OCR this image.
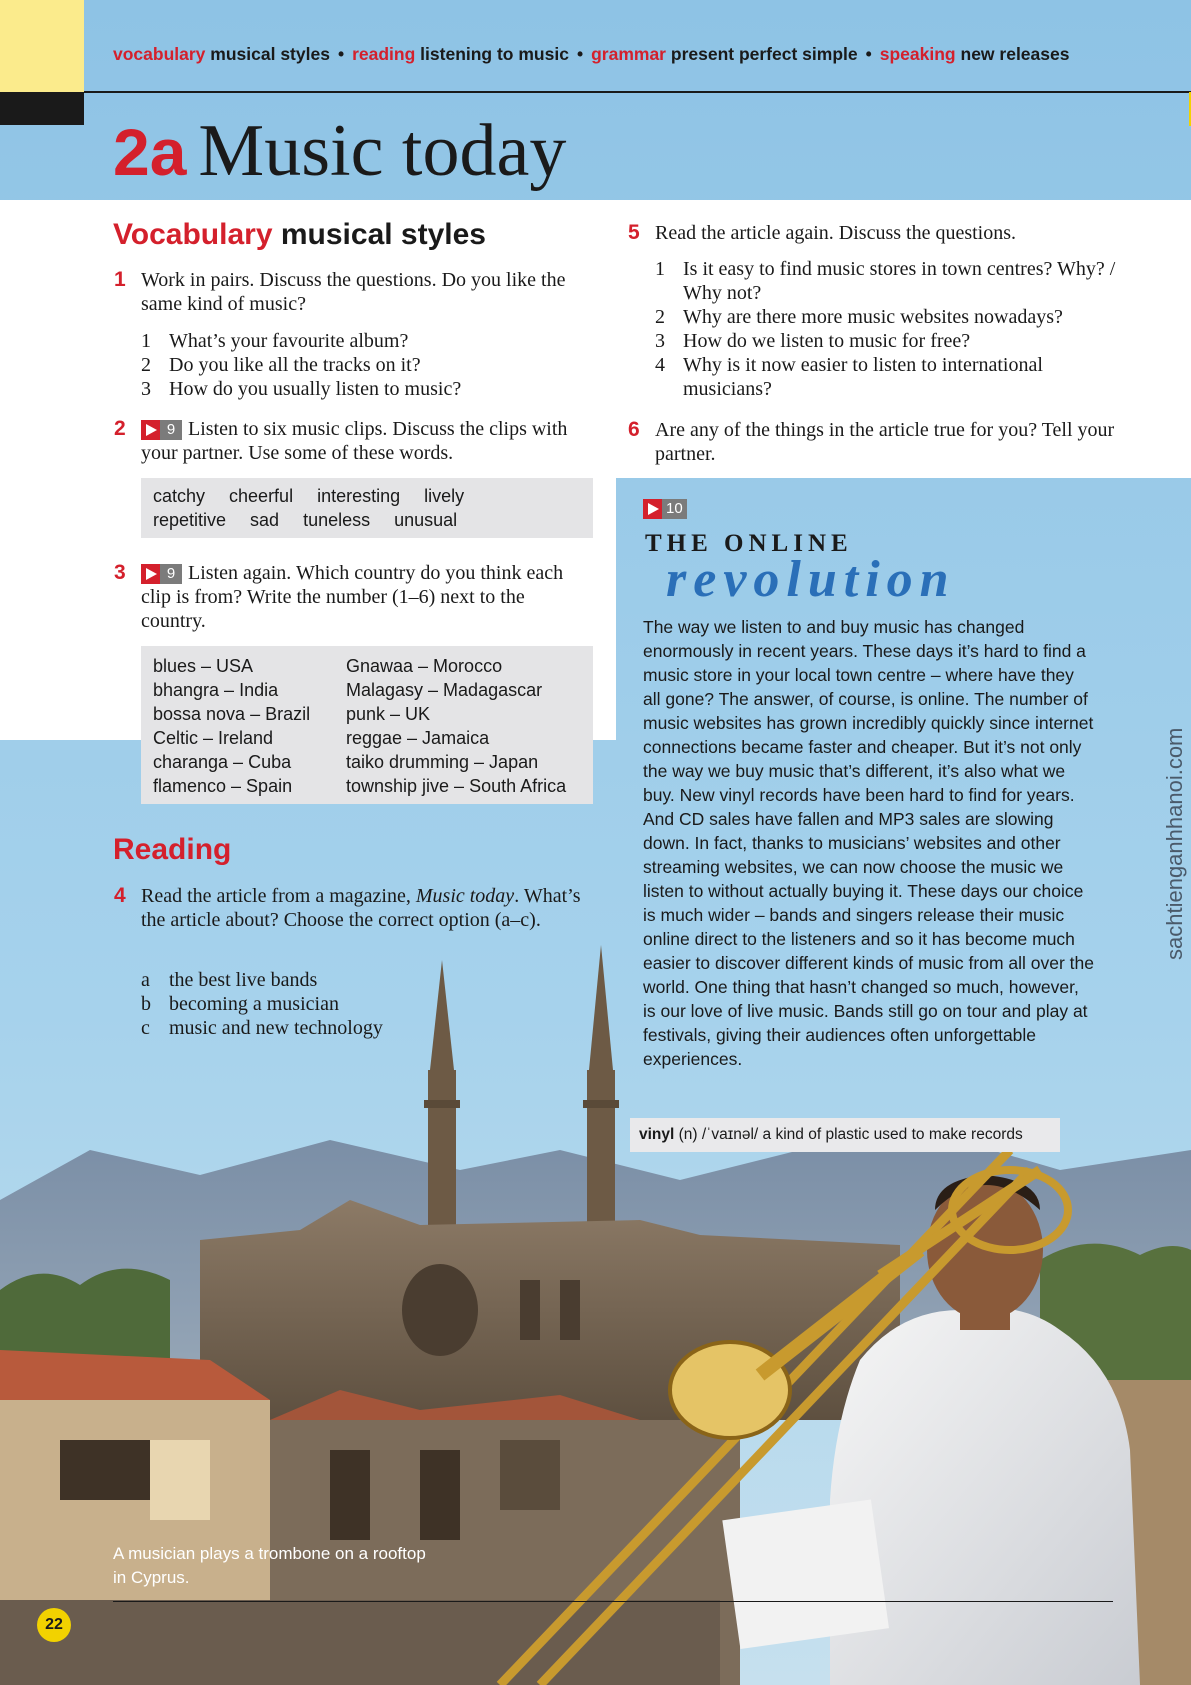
vocabulary musical styles • reading listening to music • grammar present perfect simple • speaking new releases
2a Music today
Vocabulary musical styles
1 Work in pairs. Discuss the questions. Do you like the same kind of music?
1 What’s your favourite album?
2 Do you like all the tracks on it?
3 How do you usually listen to music?
2	9 Listen to six music clips. Discuss the clips with your partner. Use some of these words.
catchy cheerful interesting lively
repetitive sad tuneless unusual
3	9 Listen again. Which country do you think each clip is from? Write the number (1–6) next to the country.
blues – USA
bhangra – India
bossa nova – Brazil
Celtic – Ireland
charanga – Cuba
flamenco – Spain
Gnawaa – Morocco
Malagasy – Madagascar
punk – UK
reggae – Jamaica
taiko drumming – Japan
township jive – South Africa
Reading
4 Read the article from a magazine, Music today. What’s the article about? Choose the correct option (a–c).
a the best live bands
b becoming a musician
c music and new technology
5 Read the article again. Discuss the questions.
1 Is it easy to find music stores in town centres? Why? / Why not?
2 Why are there more music websites nowadays?
3 How do we listen to music for free?
4 Why is it now easier to listen to international musicians?
6 Are any of the things in the article true for you? Tell your partner.
10
THE ONLINE
revolution
The way we listen to and buy music has changed enormously in recent years. These days it’s hard to find a music store in your local town centre – where have they all gone? The answer, of course, is online. The number of music websites has grown incredibly quickly since internet connections became faster and cheaper. But it’s not only the way we buy music that’s different, it’s also what we buy. New vinyl records have been hard to find for years. And CD sales have fallen and MP3 sales are slowing down. In fact, thanks to musicians’ websites and other streaming websites, we can now choose the music we listen to without actually buying it. These days our choice is much wider – bands and singers release their music online direct to the listeners and so it has become much easier to discover different kinds of music from all over the world. One thing that hasn’t changed so much, however, is our love of live music. Bands still go on tour and play at festivals, giving their audiences often unforgettable experiences.
vinyl (n) /ˈvaɪnəl/ a kind of plastic used to make records
sachtienganhhanoi.com
A musician plays a trombone on a rooftop in Cyprus.
22
